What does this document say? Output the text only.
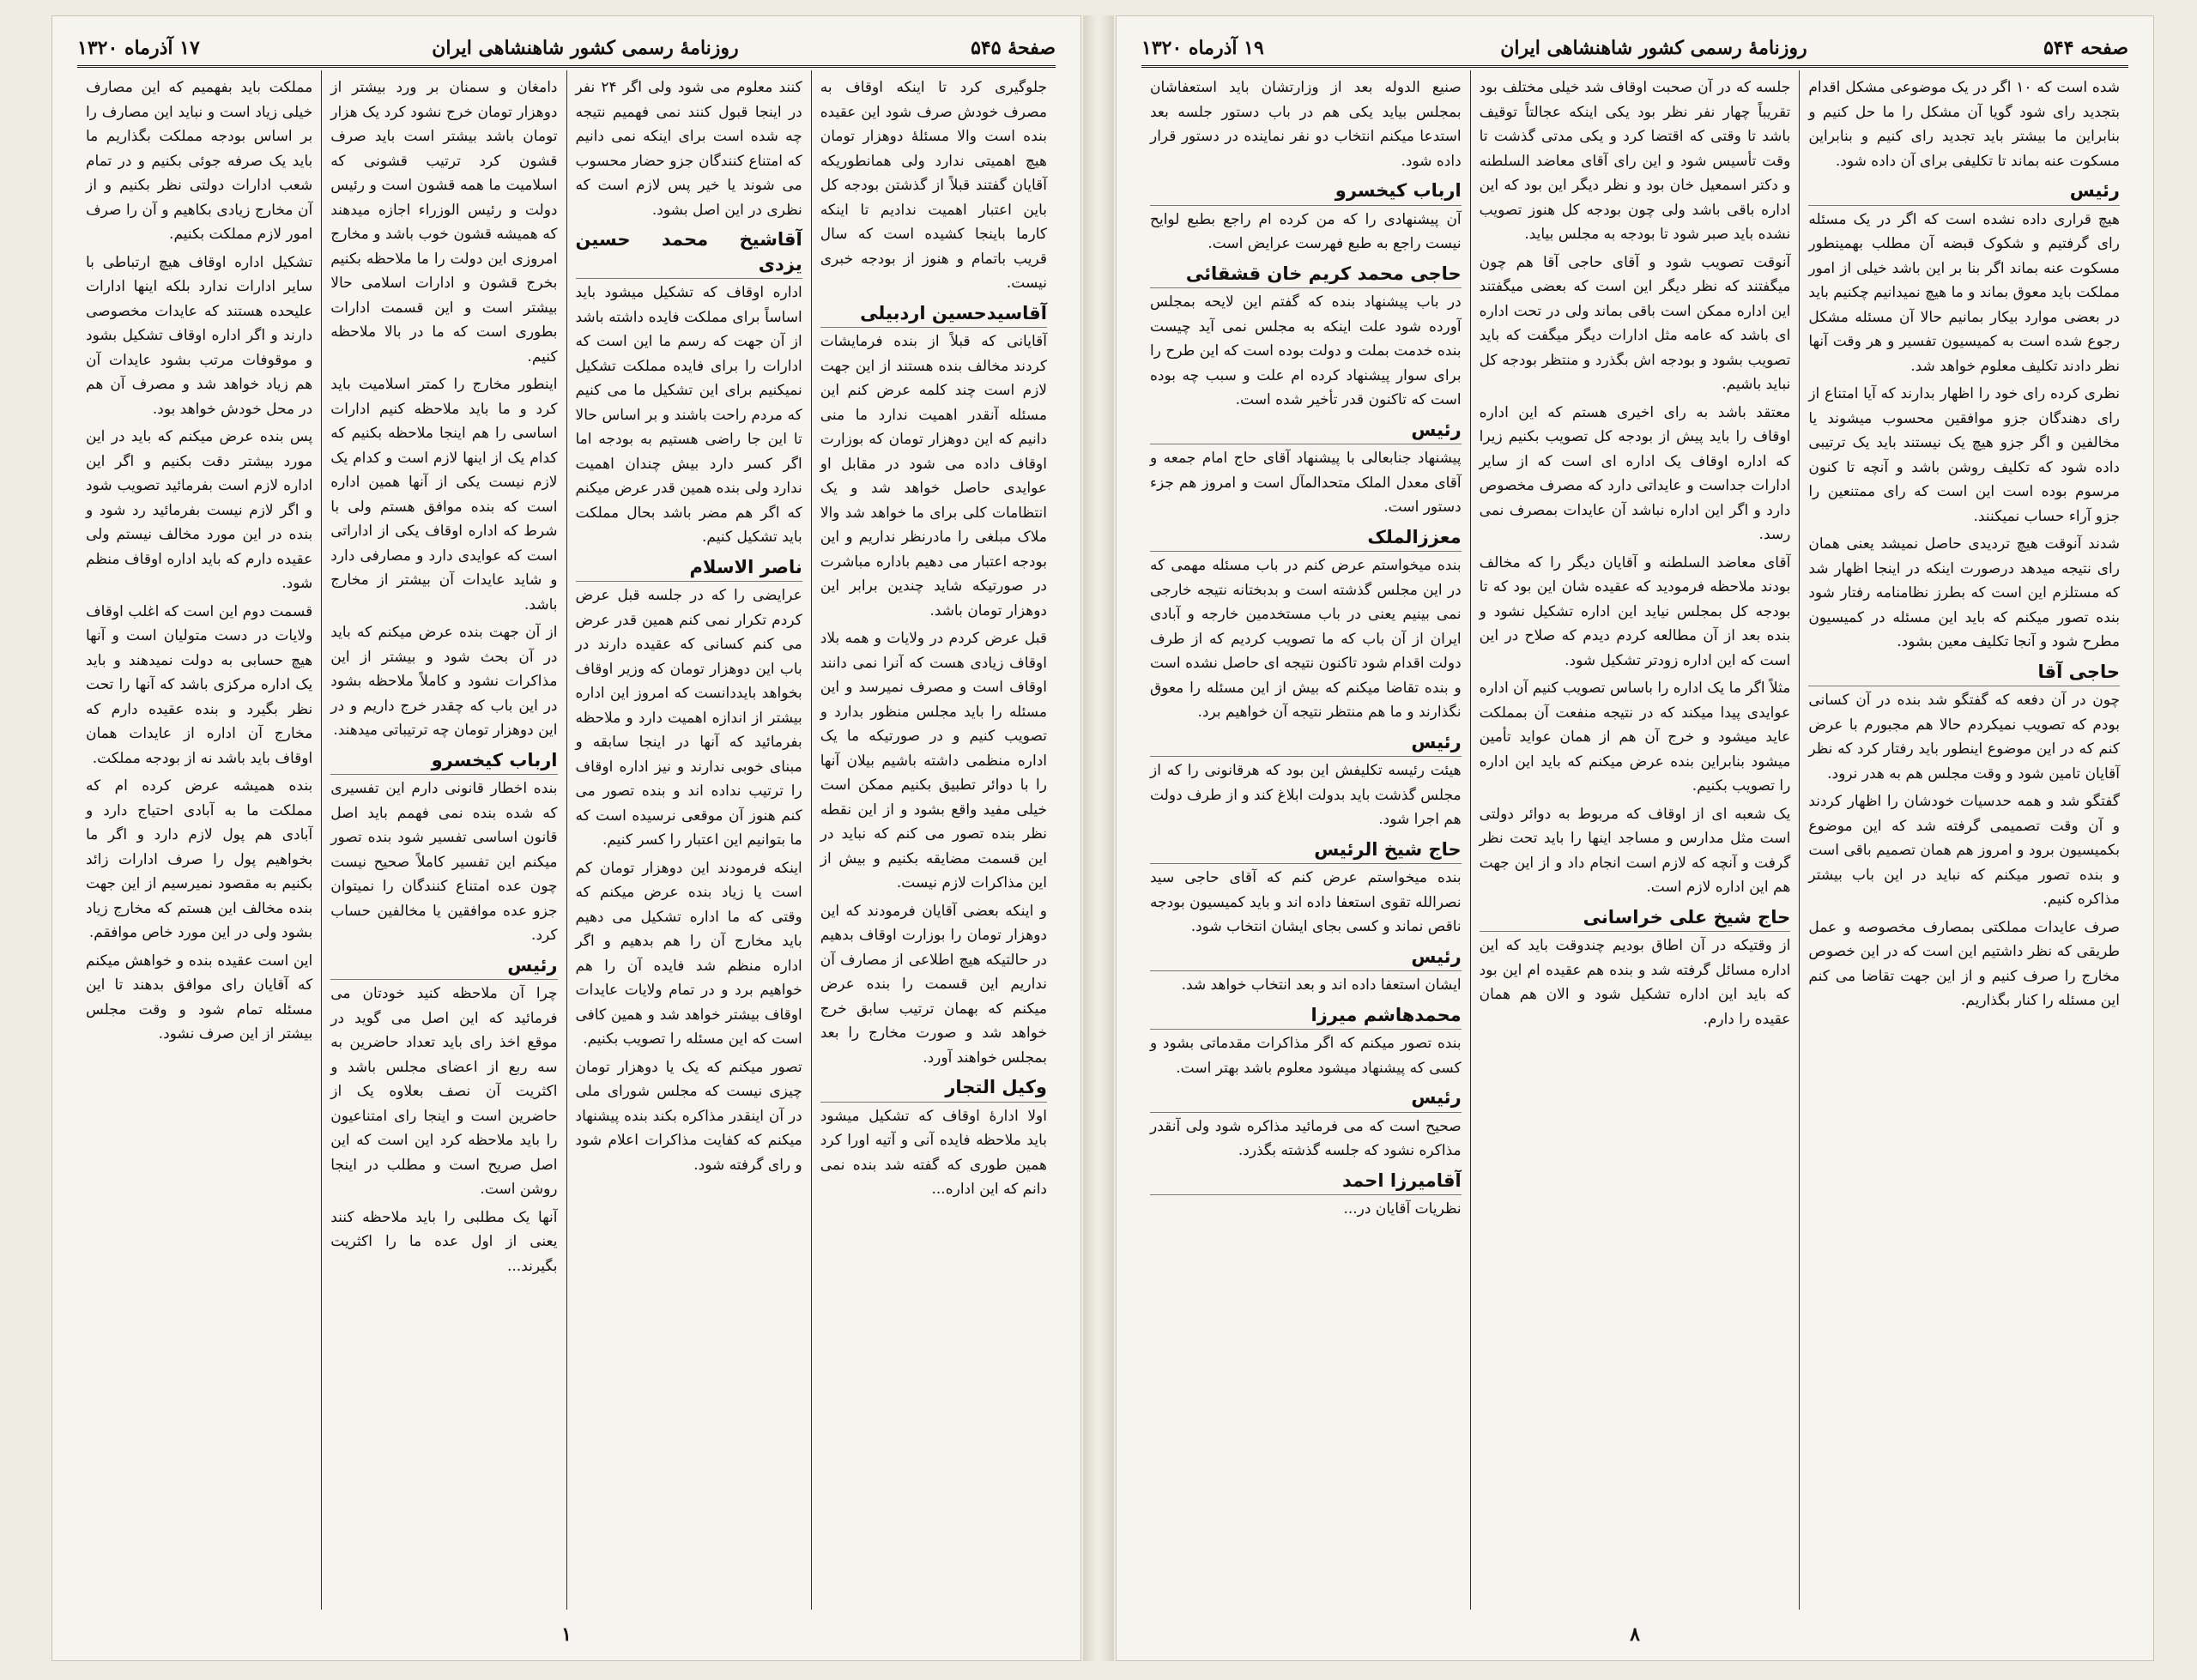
صفحهٔ ۵۴۵
روزنامهٔ رسمی کشور شاهنشاهی ایران
۱۷ آذرماه ۱۳۲۰
جلوگیری کرد تا اینکه اوقاف به مصرف خودش صرف شود این عقیده بنده است والا مسئلهٔ دوهزار تومان هیچ اهمیتی ندارد ولی همانطوریکه آقایان گفتند قبلاً از گذشتن بودجه کل باین اعتبار اهمیت ندادیم تا اینکه کارما باینجا کشیده است که سال قریب باتمام و هنوز از بودجه خبری نیست.
آقاسیدحسین اردبیلی
آقایانی که قبلاً از بنده فرمایشات کردند مخالف بنده هستند از این جهت لازم است چند کلمه عرض کنم این مسئله آنقدر اهمیت ندارد ما منی دانیم که این دوهزار تومان که بوزارت اوقاف داده می شود در مقابل او عوایدی حاصل خواهد شد و یک انتظامات کلی برای ما خواهد شد والا ملاک مبلغی را مادرنظر نداریم و این بودجه اعتبار می دهیم باداره مباشرت در صورتیکه شاید چندین برابر این دوهزار تومان باشد.
قبل عرض کردم در ولایات و همه بلاد اوقاف زیادی هست که آنرا نمی دانند اوقاف است و مصرف نمیرسد و این مسئله را باید مجلس منظور بدارد و تصویب کنیم و در صورتیکه ما یک اداره منظمی داشته باشیم بیلان آنها را با دوائر تطبیق بکنیم ممکن است خیلی مفید واقع بشود و از این نقطه نظر بنده تصور می کنم که نباید در این قسمت مضایقه بکنیم و بیش از این مذاکرات لازم نیست.
و اینکه بعضی آقایان فرمودند که این دوهزار تومان را بوزارت اوقاف بدهیم در حالتیکه هیچ اطلاعی از مصارف آن نداریم این قسمت را بنده عرض میکنم که بهمان ترتیب سابق خرج خواهد شد و صورت مخارج را بعد بمجلس خواهند آورد.
وکیل التجار
اولا ادارهٔ اوقاف که تشکیل میشود باید ملاحظه فایده آنی و آتیه اورا کرد همین طوری که گفته شد بنده نمی دانم که این اداره...
کنند معلوم می شود ولی اگر ۲۴ نفر در اینجا قبول کنند نمی فهمیم نتیجه چه شده است برای اینکه نمی دانیم که امتناع کنندگان جزو حضار محسوب می شوند یا خیر پس لازم است که نظری در این اصل بشود.
آقاشیخ محمد حسین یزدی
اداره اوقاف که تشکیل میشود باید اساساً برای مملکت فایده داشته باشد از آن جهت که رسم ما این است که ادارات را برای فایده مملکت تشکیل نمیکنیم برای این تشکیل ما می کنیم که مردم راحت باشند و بر اساس حالا تا این جا راضی هستیم به بودجه اما اگر کسر دارد بیش چندان اهمیت ندارد ولی بنده همین قدر عرض میکنم که اگر هم مضر باشد بحال مملکت باید تشکیل کنیم.
ناصر الاسلام
عرایضی را که در جلسه قبل عرض کردم تکرار نمی کنم همین قدر عرض می کنم کسانی که عقیده دارند در باب این دوهزار تومان که وزیر اوقاف بخواهد بایددانست که امروز این اداره بیشتر از اندازه اهمیت دارد و ملاحظه بفرمائید که آنها در اینجا سابقه و مبنای خوبی ندارند و نیز اداره اوقاف را ترتیب نداده اند و بنده تصور می کنم هنوز آن موقعی نرسیده است که ما بتوانیم این اعتبار را کسر کنیم.
اینکه فرمودند این دوهزار تومان کم است یا زیاد بنده عرض میکنم که وقتی که ما اداره تشکیل می دهیم باید مخارج آن را هم بدهیم و اگر اداره منظم شد فایده آن را هم خواهیم برد و در تمام ولایات عایدات اوقاف بیشتر خواهد شد و همین کافی است که این مسئله را تصویب بکنیم.
تصور میکنم که یک یا دوهزار تومان چیزی نیست که مجلس شورای ملی در آن اینقدر مذاکره بکند بنده پیشنهاد میکنم که کفایت مذاکرات اعلام شود و رای گرفته شود.
دامغان و سمنان بر ورد بیشتر از دوهزار تومان خرج نشود کرد یک هزار تومان باشد بیشتر است باید صرف قشون کرد ترتیب قشونی که اسلامیت ما همه قشون است و رئیس دولت و رئیس الوزراء اجازه میدهند که همیشه قشون خوب باشد و مخارج امروزی این دولت را ما ملاحظه بکنیم بخرج قشون و ادارات اسلامی حالا بیشتر است و این قسمت ادارات بطوری است که ما در بالا ملاحظه کنیم.
اینطور مخارج را کمتر اسلامیت باید کرد و ما باید ملاحظه کنیم ادارات اساسی را هم اینجا ملاحظه بکنیم که کدام یک از اینها لازم است و کدام یک لازم نیست یکی از آنها همین اداره است که بنده موافق هستم ولی با شرط که اداره اوقاف یکی از اداراتی است که عوایدی دارد و مصارفی دارد و شاید عایدات آن بیشتر از مخارج باشد.
از آن جهت بنده عرض میکنم که باید در آن بحث شود و بیشتر از این مذاکرات نشود و کاملاً ملاحظه بشود در این باب که چقدر خرج داریم و در این دوهزار تومان چه ترتیباتی میدهند.
ارباب کیخسرو
بنده اخطار قانونی دارم این تفسیری که شده بنده نمی فهمم باید اصل قانون اساسی تفسیر شود بنده تصور میکنم این تفسیر کاملاً صحیح نیست چون عده امتناع کنندگان را نمیتوان جزو عده موافقین یا مخالفین حساب کرد.
رئیس
چرا آن ملاحظه کنید خودتان می فرمائید که این اصل می گوید در موقع اخذ رای باید تعداد حاضرین به سه ربع از اعضای مجلس باشد و اکثریت آن نصف بعلاوه یک از حاضرین است و اینجا رای امتناعیون را باید ملاحظه کرد این است که این اصل صریح است و مطلب در اینجا روشن است.
آنها یک مطلبی را باید ملاحظه کنند یعنی از اول عده ما را اکثریت بگیرند...
مملکت باید بفهمیم که این مصارف خیلی زیاد است و نباید این مصارف را بر اساس بودجه مملکت بگذاریم ما باید یک صرفه جوئی بکنیم و در تمام شعب ادارات دولتی نظر بکنیم و از آن مخارج زیادی بکاهیم و آن را صرف امور لازم مملکت بکنیم.
تشکیل اداره اوقاف هیچ ارتباطی با سایر ادارات ندارد بلکه اینها ادارات علیحده هستند که عایدات مخصوصی دارند و اگر اداره اوقاف تشکیل بشود و موقوفات مرتب بشود عایدات آن هم زیاد خواهد شد و مصرف آن هم در محل خودش خواهد بود.
پس بنده عرض میکنم که باید در این مورد بیشتر دقت بکنیم و اگر این اداره لازم است بفرمائید تصویب شود و اگر لازم نیست بفرمائید رد شود و بنده در این مورد مخالف نیستم ولی عقیده دارم که باید اداره اوقاف منظم شود.
قسمت دوم این است که اغلب اوقاف ولایات در دست متولیان است و آنها هیچ حسابی به دولت نمیدهند و باید یک اداره مرکزی باشد که آنها را تحت نظر بگیرد و بنده عقیده دارم که مخارج آن اداره از عایدات همان اوقاف باید باشد نه از بودجه مملکت.
بنده همیشه عرض کرده ام که مملکت ما به آبادی احتیاج دارد و آبادی هم پول لازم دارد و اگر ما بخواهیم پول را صرف ادارات زائد بکنیم به مقصود نمیرسیم از این جهت بنده مخالف این هستم که مخارج زیاد بشود ولی در این مورد خاص موافقم.
این است عقیده بنده و خواهش میکنم که آقایان رای موافق بدهند تا این مسئله تمام شود و وقت مجلس بیشتر از این صرف نشود.
۱
صفحه ۵۴۴
روزنامهٔ رسمی کشور شاهنشاهی ایران
۱۹ آذرماه ۱۳۲۰
شده است که ۱۰ اگر در یک موضوعی مشکل اقدام بتجدید رای شود گویا آن مشکل را ما حل کنیم و بنابراین ما بیشتر باید تجدید رای کنیم و بنابراین مسکوت عنه بماند تا تکلیفی برای آن داده شود.
رئیس
هیچ قراری داده نشده است که اگر در یک مسئله رای گرفتیم و شکوک قبضه آن مطلب بهمینطور مسکوت عنه بماند اگر بنا بر این باشد خیلی از امور مملکت باید معوق بماند و ما هیچ نمیدانیم چکنیم باید در بعضی موارد بیکار بمانیم حالا آن مسئله مشکل رجوع شده است به کمیسیون تفسیر و هر وقت آنها نظر دادند تکلیف معلوم خواهد شد.
نظری کرده رای خود را اظهار بدارند که آیا امتناع از رای دهندگان جزو موافقین محسوب میشوند یا مخالفین و اگر جزو هیچ یک نیستند باید یک ترتیبی داده شود که تکلیف روشن باشد و آنچه تا کنون مرسوم بوده است این است که رای ممتنعین را جزو آراء حساب نمیکنند.
شدند آنوقت هیچ تردیدی حاصل نمیشد یعنی همان رای نتیجه میدهد درصورت اینکه در اینجا اظهار شد که مستلزم این است که بطرز نظامنامه رفتار شود بنده تصور میکنم که باید این مسئله در کمیسیون مطرح شود و آنجا تکلیف معین بشود.
حاجی آقا
چون در آن دفعه که گفتگو شد بنده در آن کسانی بودم که تصویب نمیکردم حالا هم مجبورم با عرض کنم که در این موضوع اینطور باید رفتار کرد که نظر آقایان تامین شود و وقت مجلس هم به هدر نرود.
گفتگو شد و همه حدسیات خودشان را اظهار کردند و آن وقت تصمیمی گرفته شد که این موضوع بکمیسیون برود و امروز هم همان تصمیم باقی است و بنده تصور میکنم که نباید در این باب بیشتر مذاکره کنیم.
صرف عایدات مملکتی بمصارف مخصوصه و عمل طریقی که نظر داشتیم این است که در این خصوص مخارج را صرف کنیم و از این جهت تقاضا می کنم این مسئله را کنار بگذاریم.
جلسه که در آن صحبت اوقاف شد خیلی مختلف بود تقریباً چهار نفر نظر بود یکی اینکه عجالتاً توقیف باشد تا وقتی که اقتضا کرد و یکی مدتی گذشت تا وقت تأسیس شود و این رای آقای معاضد السلطنه و دکتر اسمعیل خان بود و نظر دیگر این بود که این اداره باقی باشد ولی چون بودجه کل هنوز تصویب نشده باید صبر شود تا بودجه به مجلس بیاید.
آنوقت تصویب شود و آقای حاجی آقا هم چون میگفتند که نظر دیگر این است که بعضی میگفتند این اداره ممکن است باقی بماند ولی در تحت اداره ای باشد که عامه مثل ادارات دیگر میگفت که باید تصویب بشود و بودجه اش بگذرد و منتظر بودجه کل نباید باشیم.
معتقد باشد به رای اخیری هستم که این اداره اوقاف را باید پیش از بودجه کل تصویب بکنیم زیرا که اداره اوقاف یک اداره ای است که از سایر ادارات جداست و عایداتی دارد که مصرف مخصوص دارد و اگر این اداره نباشد آن عایدات بمصرف نمی رسد.
آقای معاضد السلطنه و آقایان دیگر را که مخالف بودند ملاحظه فرمودید که عقیده شان این بود که تا بودجه کل بمجلس نیاید این اداره تشکیل نشود و بنده بعد از آن مطالعه کردم دیدم که صلاح در این است که این اداره زودتر تشکیل شود.
مثلاً اگر ما یک اداره را باساس تصویب کنیم آن اداره عوایدی پیدا میکند که در نتیجه منفعت آن بمملکت عاید میشود و خرج آن هم از همان عواید تأمین میشود بنابراین بنده عرض میکنم که باید این اداره را تصویب بکنیم.
یک شعبه ای از اوقاف که مربوط به دوائر دولتی است مثل مدارس و مساجد اینها را باید تحت نظر گرفت و آنچه که لازم است انجام داد و از این جهت هم این اداره لازم است.
حاج شیخ علی خراسانی
از وقتیکه در آن اطاق بودیم چندوقت باید که این اداره مسائل گرفته شد و بنده هم عقیده ام این بود که باید این اداره تشکیل شود و الان هم همان عقیده را دارم.
صنیع الدوله بعد از وزارتشان باید استعفاشان بمجلس بیاید یکی هم در باب دستور جلسه بعد استدعا میکنم انتخاب دو نفر نماینده در دستور قرار داده شود.
ارباب کیخسرو
آن پیشنهادی را که من کرده ام راجع بطبع لوایح نیست راجع به طبع فهرست عرایض است.
حاجی محمد کریم خان قشقائی
در باب پیشنهاد بنده که گفتم این لایحه بمجلس آورده شود علت اینکه به مجلس نمی آید چیست بنده خدمت بملت و دولت بوده است که این طرح را برای سوار پیشنهاد کرده ام علت و سبب چه بوده است که تاکنون قدر تأخیر شده است.
رئیس
پیشنهاد جنابعالی با پیشنهاد آقای حاج امام جمعه و آقای معدل الملک متحدالمآل است و امروز هم جزء دستور است.
معززالملک
بنده میخواستم عرض کنم در باب مسئله مهمی که در این مجلس گذشته است و بدبختانه نتیجه خارجی نمی بینیم یعنی در باب مستخدمین خارجه و آبادی ایران از آن باب که ما تصویب کردیم که از طرف دولت اقدام شود تاکنون نتیجه ای حاصل نشده است و بنده تقاضا میکنم که بیش از این مسئله را معوق نگذارند و ما هم منتظر نتیجه آن خواهیم برد.
رئیس
هیئت رئیسه تکلیفش این بود که هرقانونی را که از مجلس گذشت باید بدولت ابلاغ کند و از طرف دولت هم اجرا شود.
حاج شیخ الرئیس
بنده میخواستم عرض کنم که آقای حاجی سید نصرالله تقوی استعفا داده اند و باید کمیسیون بودجه ناقص نماند و کسی بجای ایشان انتخاب شود.
رئیس
ایشان استعفا داده اند و بعد انتخاب خواهد شد.
محمدهاشم میرزا
بنده تصور میکنم که اگر مذاکرات مقدماتی بشود و کسی که پیشنهاد میشود معلوم باشد بهتر است.
رئیس
صحیح است که می فرمائید مذاکره شود ولی آنقدر مذاکره نشود که جلسه گذشته بگذرد.
آقامیرزا احمد
نظریات آقایان در...
۸
